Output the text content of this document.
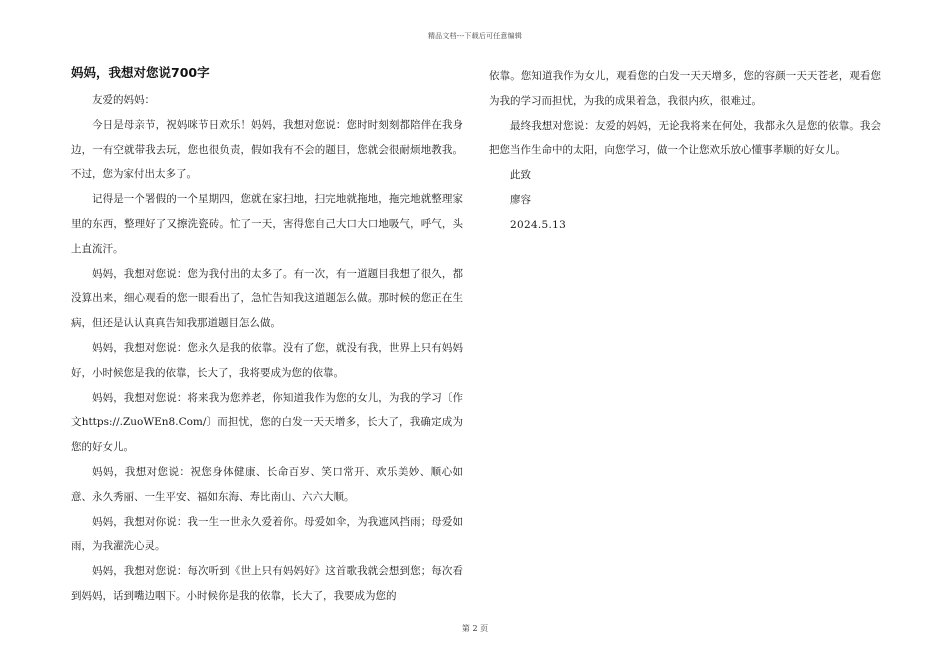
精品文档---下载后可任意编辑
妈妈，我想对您说700字

友爱的妈妈：

今日是母亲节，祝妈咪节日欢乐！妈妈，我想对您说：您时时刻刻都陪伴在我身边，一有空就带我去玩，您也很负责，假如我有不会的题目，您就会很耐烦地教我。不过，您为家付出太多了。

记得是一个署假的一个星期四，您就在家扫地，扫完地就拖地，拖完地就整理家里的东西，整理好了又擦洗瓷砖。忙了一天，害得您自己大口大口地吸气，呼气，头上直流汗。

妈妈，我想对您说：您为我付出的太多了。有一次，有一道题目我想了很久，都没算出来，细心观看的您一眼看出了，急忙告知我这道题怎么做。那时候的您正在生病，但还是认认真真告知我那道题目怎么做。

妈妈，我想对您说：您永久是我的依靠。没有了您，就没有我，世界上只有妈妈好，小时候您是我的依靠，长大了，我将要成为您的依靠。

妈妈，我想对您说：将来我为您养老，你知道我作为您的女儿，为我的学习〔作文https://.ZuoWEn8.Com/〕而担忧，您的白发一天天增多，长大了，我确定成为您的好女儿。

妈妈，我想对您说：祝您身体健康、长命百岁、笑口常开、欢乐美妙、顺心如意、永久秀丽、一生平安、福如东海、寿比南山、六六大顺。

妈妈，我想对你说：我一生一世永久爱着你。母爱如伞，为我遮风挡雨；母爱如雨，为我濯洗心灵。

妈妈，我想对您说：每次听到《世上只有妈妈好》这首歌我就会想到您；每次看到妈妈，话到嘴边咽下。小时候你是我的依靠，长大了，我要成为您的

依靠。您知道我作为女儿，观看您的白发一天天增多，您的容颜一天天苍老，观看您为我的学习而担忧，为我的成果着急，我很内疚，很难过。

最终我想对您说：友爱的妈妈，无论我将来在何处，我都永久是您的依靠。我会把您当作生命中的太阳，向您学习，做一个让您欢乐放心懂事孝顺的好女儿。

此致

廖容

2024.5.13

第 2 页
